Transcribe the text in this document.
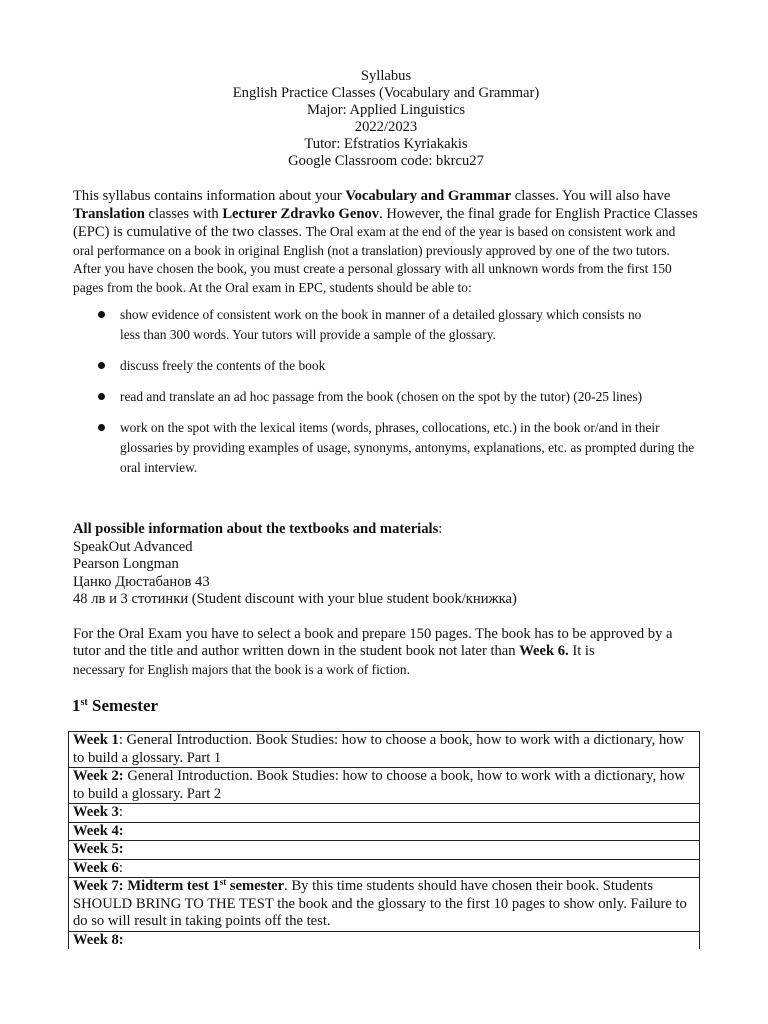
Syllabus
English Practice Classes (Vocabulary and Grammar)
Major: Applied Linguistics
2022/2023
Tutor: Efstratios Kyriakakis
Google Classroom code: bkrcu27
This syllabus contains information about your Vocabulary and Grammar classes. You will also have Translation classes with Lecturer Zdravko Genov. However, the final grade for English Practice Classes (EPC) is cumulative of the two classes. The Oral exam at the end of the year is based on consistent work and oral performance on a book in original English (not a translation) previously approved by one of the two tutors. After you have chosen the book, you must create a personal glossary with all unknown words from the first 150 pages from the book. At the Oral exam in EPC, students should be able to:
show evidence of consistent work on the book in manner of a detailed glossary which consists no
less than 300 words. Your tutors will provide a sample of the glossary.
discuss freely the contents of the book
read and translate an ad hoc passage from the book (chosen on the spot by the tutor) (20-25 lines)
work on the spot with the lexical items (words, phrases, collocations, etc.) in the book or/and in their
glossaries by providing examples of usage, synonyms, antonyms, explanations, etc. as prompted during the oral interview.
All possible information about the textbooks and materials:
SpeakOut Advanced
Pearson Longman
Цанко Дюстабанов 43
48 лв и 3 стотинки (Student discount with your blue student book/книжка)
For the Oral Exam you have to select a book and prepare 150 pages. The book has to be approved by a tutor and the title and author written down in the student book not later than Week 6. It is
necessary for English majors that the book is a work of fiction.
1st Semester
Week 1: General Introduction. Book Studies: how to choose a book, how to work with a dictionary, how to build a glossary. Part 1
Week 2: General Introduction. Book Studies: how to choose a book, how to work with a dictionary, how to build a glossary. Part 2
Week 3:
Week 4:
Week 5:
Week 6:
Week 7: Midterm test 1st semester. By this time students should have chosen their book. Students SHOULD BRING TO THE TEST the book and the glossary to the first 10 pages to show only. Failure to do so will result in taking points off the test.
Week 8:
